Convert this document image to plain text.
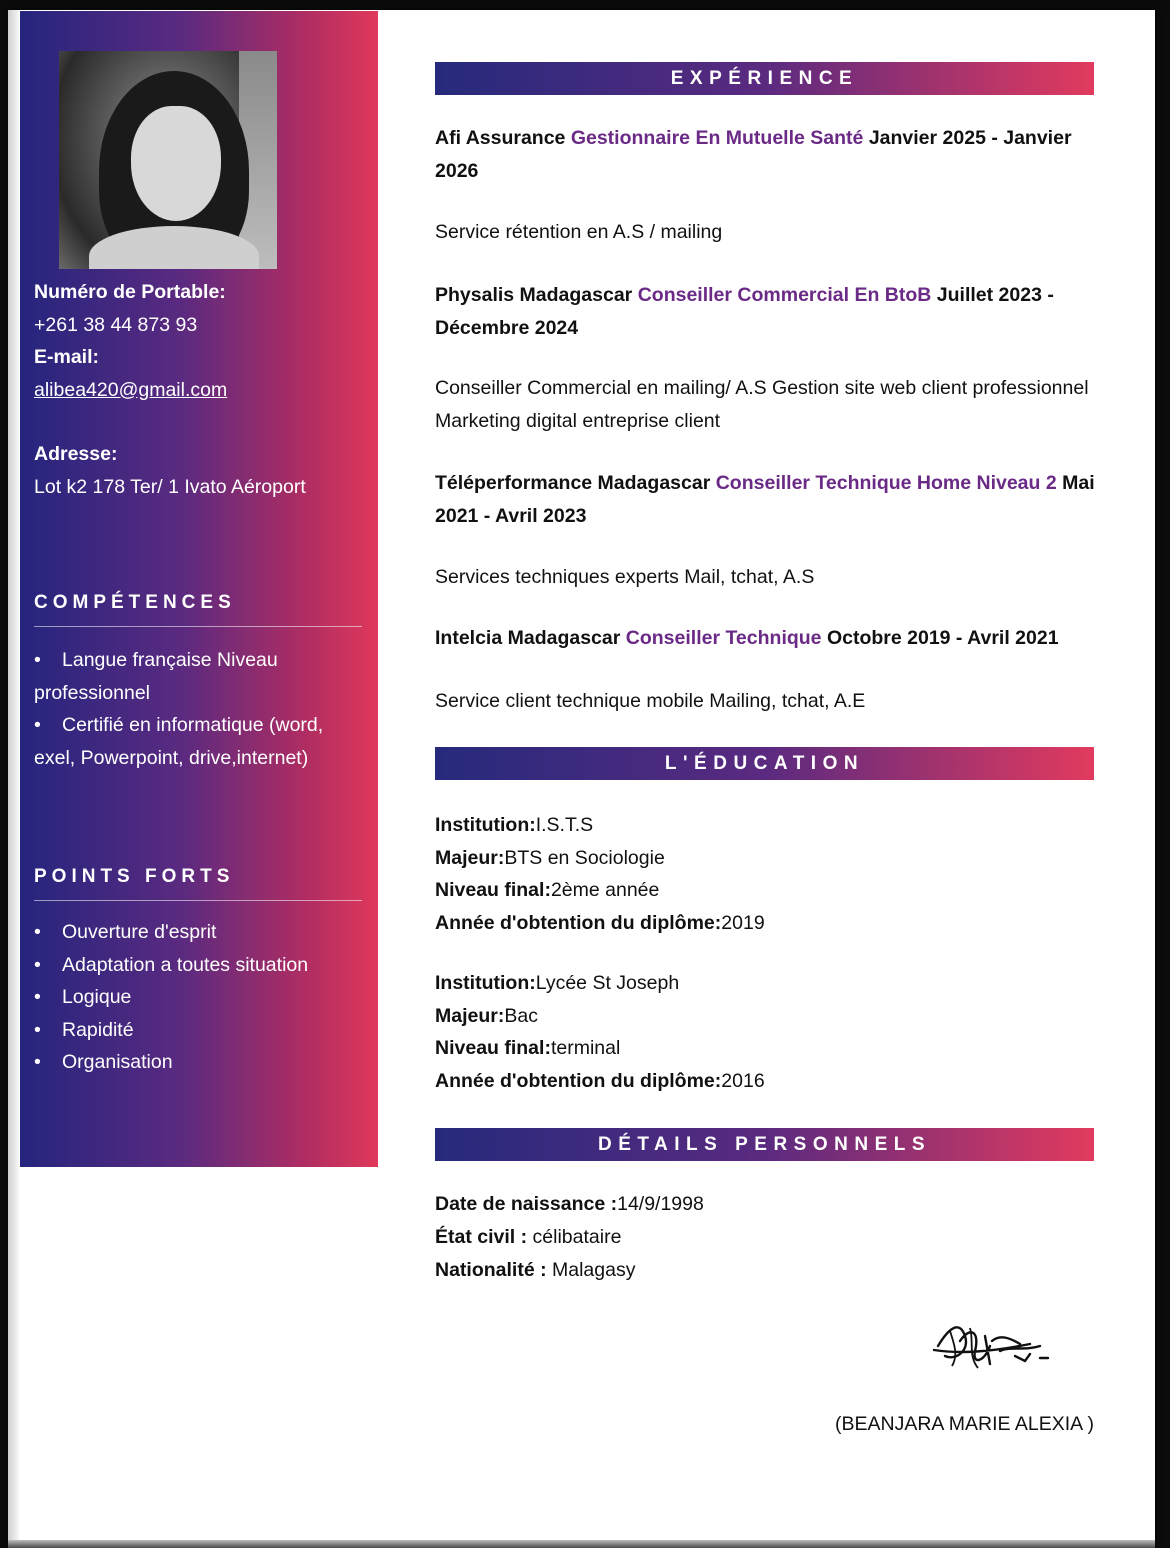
Numéro de Portable:
+261 38 44 873 93
E-mail:
alibea420@gmail.com
Adresse:
Lot k2 178 Ter/ 1 Ivato Aéroport
COMPÉTENCES
• Langue française Niveau
professionnel
• Certifié en informatique (word,
exel, Powerpoint, drive,internet)
POINTS FORTS
• Ouverture d'esprit
• Adaptation a toutes situation
• Logique
• Rapidité
• Organisation
EXPÉRIENCE
Afi Assurance Gestionnaire En Mutuelle Santé Janvier 2025 - Janvier 2026
Service rétention en A.S / mailing
Physalis Madagascar Conseiller Commercial En BtoB Juillet 2023 - Décembre 2024
Conseiller Commercial en mailing/ A.S Gestion site web client professionnel Marketing digital entreprise client
Téléperformance Madagascar Conseiller Technique Home Niveau 2 Mai 2021 - Avril 2023
Services techniques experts Mail, tchat, A.S
Intelcia Madagascar Conseiller Technique Octobre 2019 - Avril 2021
Service client technique mobile Mailing, tchat, A.E
L'ÉDUCATION
Institution:I.S.T.S
Majeur:BTS en Sociologie
Niveau final:2ème année
Année d'obtention du diplôme:2019
Institution:Lycée St Joseph
Majeur:Bac
Niveau final:terminal
Année d'obtention du diplôme:2016
DÉTAILS PERSONNELS
Date de naissance :14/9/1998
État civil : célibataire
Nationalité : Malagasy
(BEANJARA MARIE ALEXIA )
